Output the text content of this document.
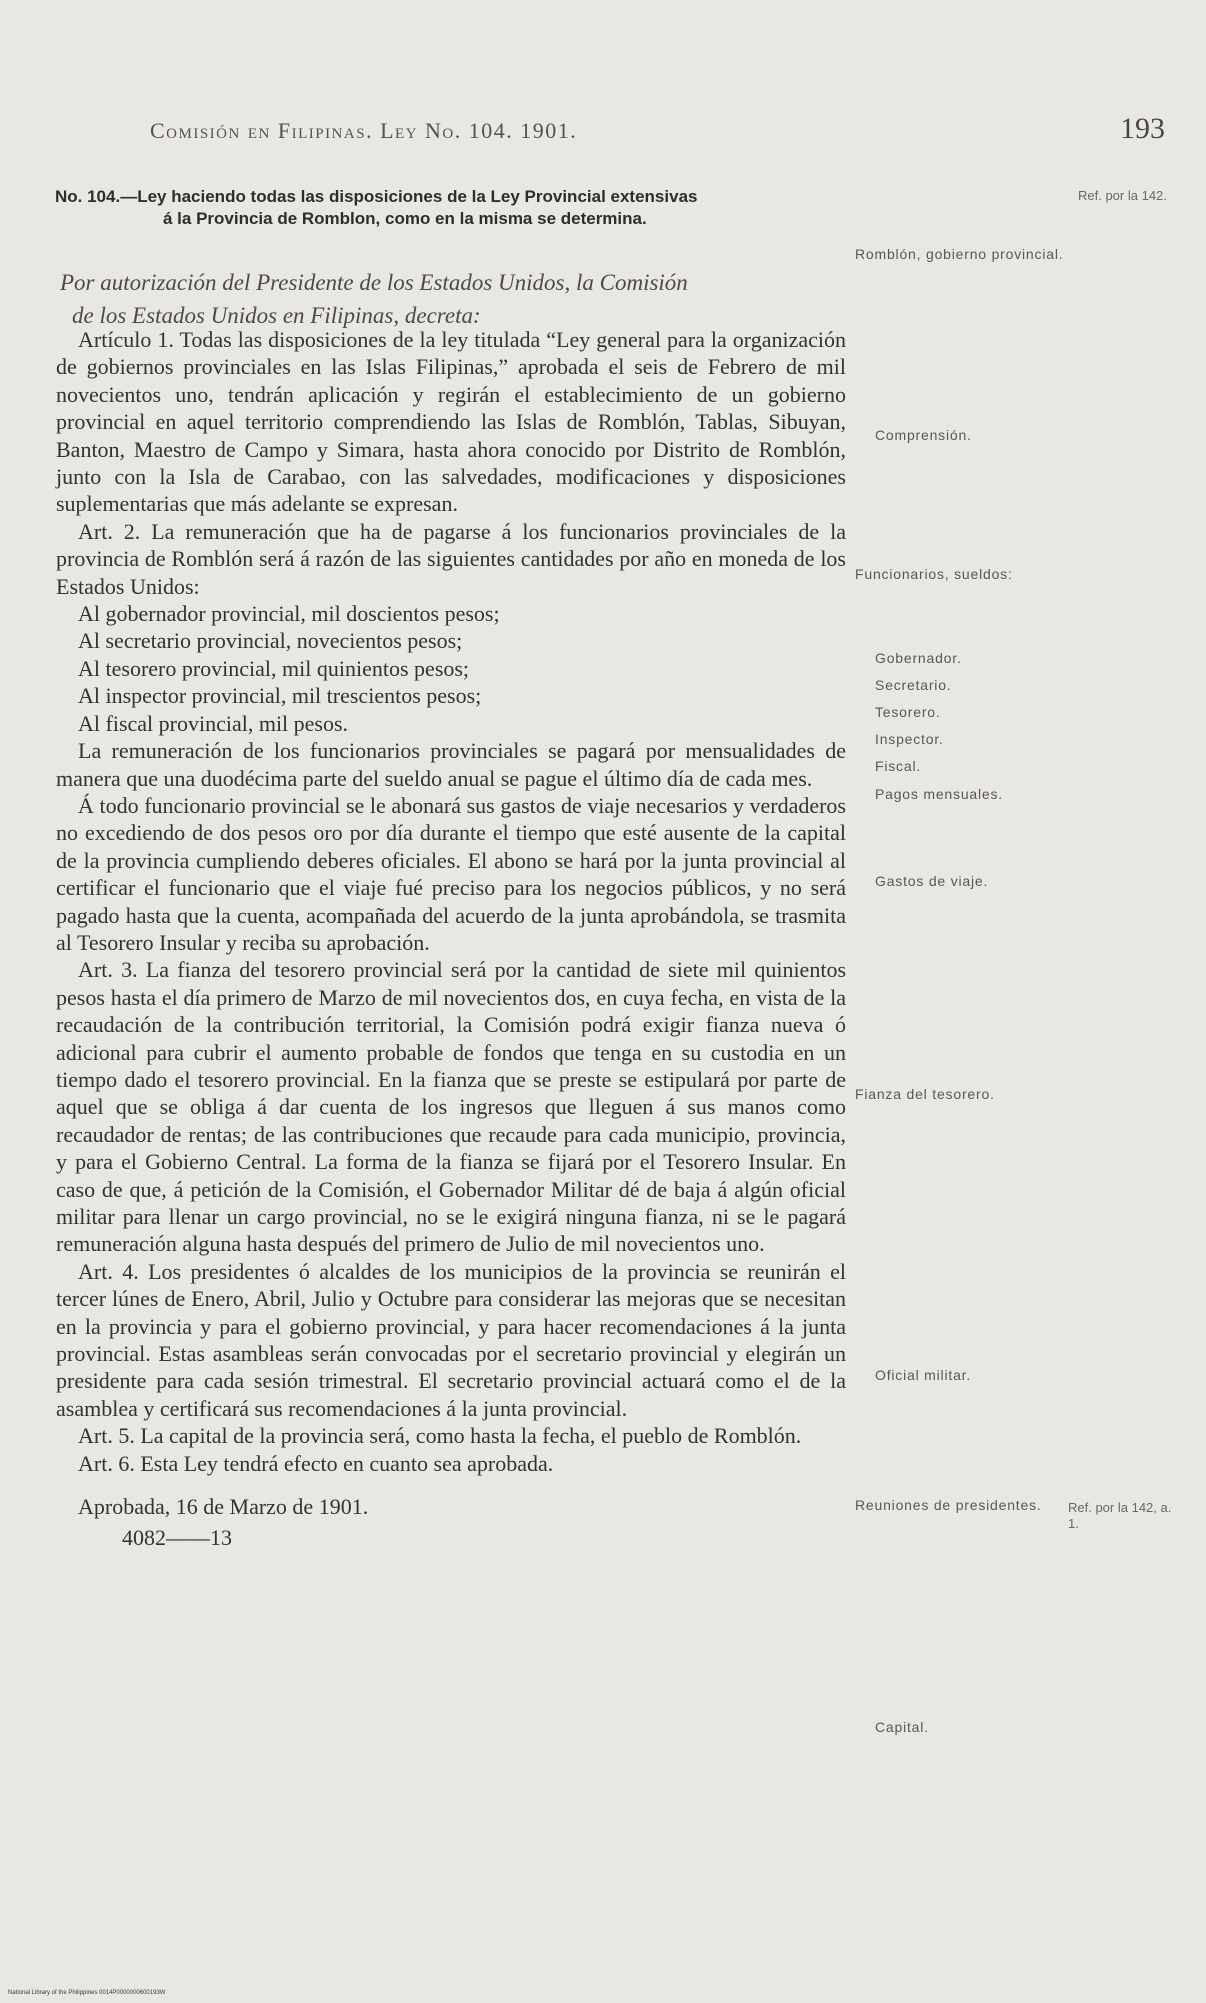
Comisión en Filipinas. Ley No. 104. 1901.	193
No. 104.—Ley haciendo todas las disposiciones de la Ley Provincial extensivas
á la Provincia de Romblon, como en la misma se determina.
Por autorización del Presidente de los Estados Unidos, la Comisión
de los Estados Unidos en Filipinas, decreta:

Artículo 1. Todas las disposiciones de la ley titulada “Ley general para la organización de gobiernos provinciales en las Islas Filipinas,” aprobada el seis de Febrero de mil novecientos uno, tendrán aplicación y regirán el establecimiento de un gobierno provincial en aquel territorio comprendiendo las Islas de Romblón, Tablas, Sibuyan, Banton, Maestro de Campo y Simara, hasta ahora conocido por Distrito de Romblón, junto con la Isla de Carabao, con las salvedades, modificaciones y disposiciones suplementarias que más adelante se expresan.

Art. 2. La remuneración que ha de pagarse á los funcionarios provinciales de la provincia de Romblón será á razón de las siguientes cantidades por año en moneda de los Estados Unidos:

Al gobernador provincial, mil doscientos pesos;

Al secretario provincial, novecientos pesos;

Al tesorero provincial, mil quinientos pesos;

Al inspector provincial, mil trescientos pesos;

Al fiscal provincial, mil pesos.

La remuneración de los funcionarios provinciales se pagará por mensualidades de manera que una duodécima parte del sueldo anual se pague el último día de cada mes.

Á todo funcionario provincial se le abonará sus gastos de viaje necesarios y verdaderos no excediendo de dos pesos oro por día durante el tiempo que esté ausente de la capital de la provincia cumpliendo deberes oficiales. El abono se hará por la junta provincial al certificar el funcionario que el viaje fué preciso para los negocios públicos, y no será pagado hasta que la cuenta, acompañada del acuerdo de la junta aprobándola, se trasmita al Tesorero Insular y reciba su aprobación.

Art. 3. La fianza del tesorero provincial será por la cantidad de siete mil quinientos pesos hasta el día primero de Marzo de mil novecientos dos, en cuya fecha, en vista de la recaudación de la contribución territorial, la Comisión podrá exigir fianza nueva ó adicional para cubrir el aumento probable de fondos que tenga en su custodia en un tiempo dado el tesorero provincial. En la fianza que se preste se estipulará por parte de aquel que se obliga á dar cuenta de los ingresos que lleguen á sus manos como recaudador de rentas; de las contribuciones que recaude para cada municipio, provincia, y para el Gobierno Central. La forma de la fianza se fijará por el Tesorero Insular. En caso de que, á petición de la Comisión, el Gobernador Militar dé de baja á algún oficial militar para llenar un cargo provincial, no se le exigirá ninguna fianza, ni se le pagará remuneración alguna hasta después del primero de Julio de mil novecientos uno.

Art. 4. Los presidentes ó alcaldes de los municipios de la provincia se reunirán el tercer lúnes de Enero, Abril, Julio y Octubre para considerar las mejoras que se necesitan en la provincia y para el gobierno provincial, y para hacer recomendaciones á la junta provincial. Estas asambleas serán convocadas por el secretario provincial y elegirán un presidente para cada sesión trimestral. El secretario provincial actuará como el de la asamblea y certificará sus recomendaciones á la junta provincial.

Art. 5. La capital de la provincia será, como hasta la fecha, el pueblo de Romblón.

Art. 6. Esta Ley tendrá efecto en cuanto sea aprobada.

Aprobada, 16 de Marzo de 1901.

4082——13

Ref. por la 142.
Romblón, gobierno provincial.
Comprensión.
Funcionarios, sueldos:
Gobernador.
Secretario.
Tesorero.
Inspector.
Fiscal.
Pagos mensuales.
Gastos de viaje.
Fianza del tesorero.
Oficial militar.
Reuniones de presidentes.	Ref. por la 142, a. 1.
Capital.
National Library of the Philippines 0014P0000000600193W
